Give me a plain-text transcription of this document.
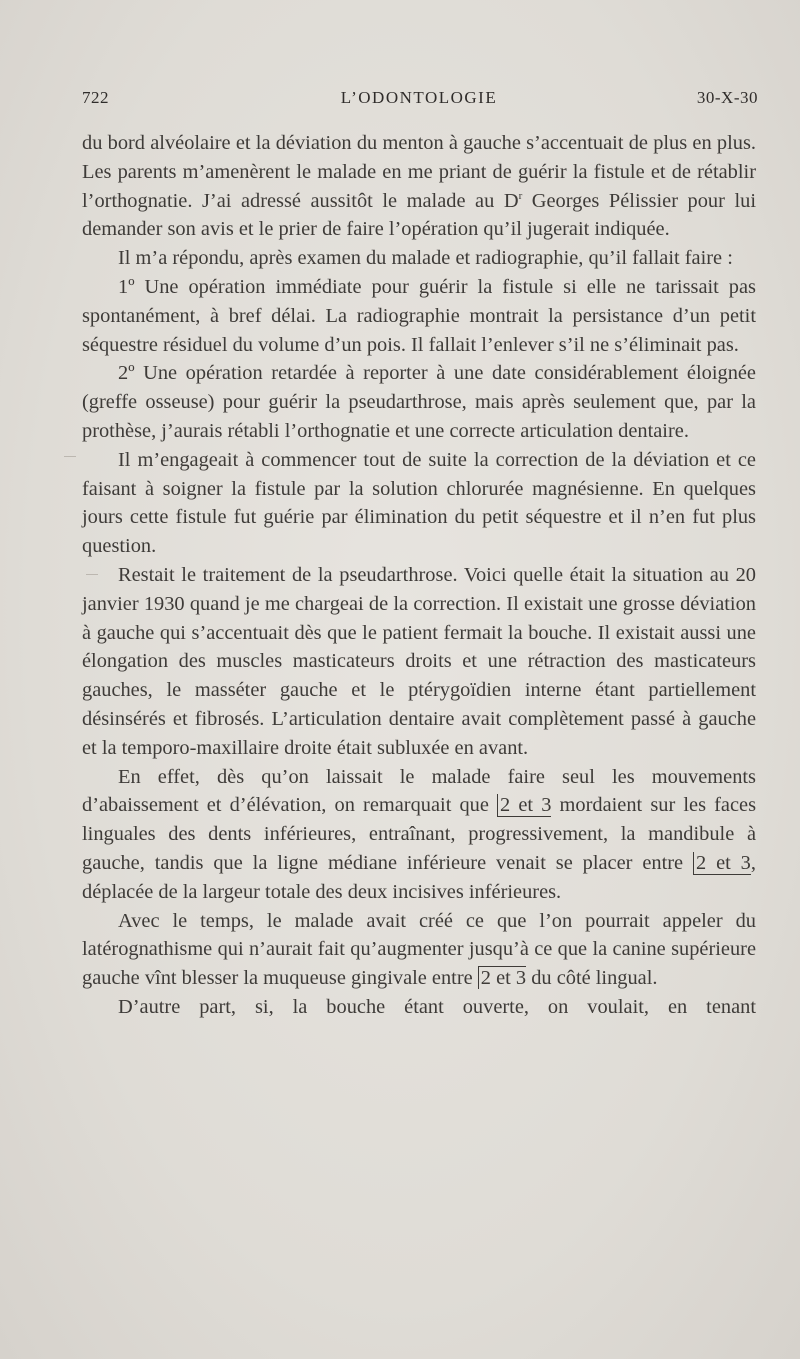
722	L’ODONTOLOGIE	30-X-30

du bord alvéolaire et la déviation du menton à gauche s’accentuait de plus en plus. Les parents m’amenèrent le malade en me priant de guérir la fistule et de rétablir l’orthognatie. J’ai adressé aussitôt le malade au $D^r$ Georges Pélissier pour lui demander son avis et le prier de faire l’opération qu’il jugerait indiquée.

Il m’a répondu, après examen du malade et radiographie, qu’il fallait faire :

1º Une opération immédiate pour guérir la fistule si elle ne tarissait pas spontanément, à bref délai. La radiographie montrait la persistance d’un petit séquestre résiduel du volume d’un pois. Il fallait l’enlever s’il ne s’éliminait pas.

2º Une opération retardée à reporter à une date considérablement éloignée (greffe osseuse) pour guérir la pseudarthrose, mais après seulement que, par la prothèse, j’aurais rétabli l’orthognatie et une correcte articulation dentaire.

Il m’engageait à commencer tout de suite la correction de la déviation et ce faisant à soigner la fistule par la solution chlorurée magnésienne. En quelques jours cette fistule fut guérie par élimination du petit séquestre et il n’en fut plus question.

Restait le traitement de la pseudarthrose. Voici quelle était la situation au 20 janvier 1930 quand je me chargeai de la correction. Il existait une grosse déviation à gauche qui s’accentuait dès que le patient fermait la bouche. Il existait aussi une élongation des muscles masticateurs droits et une rétraction des masticateurs gauches, le masséter gauche et le ptérygoïdien interne étant partiellement désinsérés et fibrosés. L’articulation dentaire avait complètement passé à gauche et la temporo-maxillaire droite était subluxée en avant.

En effet, dès qu’on laissait le malade faire seul les mouvements d’abaissement et d’élévation, on remarquait que 2 et 3 mordaient sur les faces linguales des dents inférieures, entraînant, progressivement, la mandibule à gauche, tandis que la ligne médiane inférieure venait se placer entre 2 et 3, déplacée de la largeur totale des deux incisives inférieures.

Avec le temps, le malade avait créé ce que l’on pourrait appeler du latérognathisme qui n’aurait fait qu’augmenter jusqu’à ce que la canine supérieure gauche vînt blesser la muqueuse gingivale entre 2 et 3 du côté lingual.

D’autre part, si, la bouche étant ouverte, on voulait, en tenant
